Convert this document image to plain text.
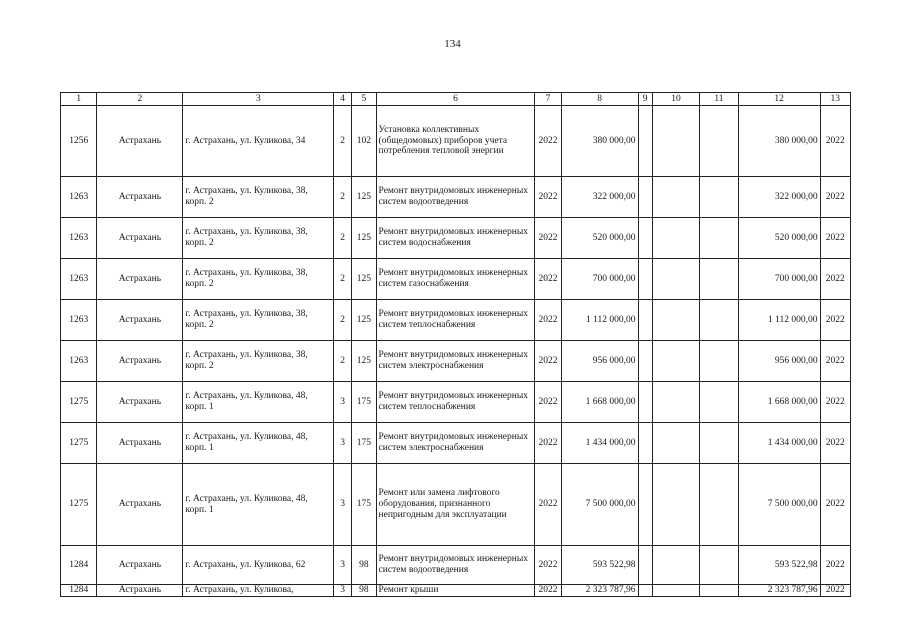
134
1	2	3	4	5	6	7	8	9	10	11	12	13
1256	Астрахань	г. Астрахань, ул. Куликова, 34	2	102	Установка коллективных (общедомовых) приборов учета потребления тепловой энергии	2022	380 000,00				380 000,00	2022
1263	Астрахань	г. Астрахань, ул. Куликова, 38, корп. 2	2	125	Ремонт внутридомовых инженерных систем водоотведения	2022	322 000,00				322 000,00	2022
1263	Астрахань	г. Астрахань, ул. Куликова, 38, корп. 2	2	125	Ремонт внутридомовых инженерных систем водоснабжения	2022	520 000,00				520 000,00	2022
1263	Астрахань	г. Астрахань, ул. Куликова, 38, корп. 2	2	125	Ремонт внутридомовых инженерных систем газоснабжения	2022	700 000,00				700 000,00	2022
1263	Астрахань	г. Астрахань, ул. Куликова, 38, корп. 2	2	125	Ремонт внутридомовых инженерных систем теплоснабжения	2022	1 112 000,00				1 112 000,00	2022
1263	Астрахань	г. Астрахань, ул. Куликова, 38, корп. 2	2	125	Ремонт внутридомовых инженерных систем электроснабжения	2022	956 000,00				956 000,00	2022
1275	Астрахань	г. Астрахань, ул. Куликова, 48, корп. 1	3	175	Ремонт внутридомовых инженерных систем теплоснабжения	2022	1 668 000,00				1 668 000,00	2022
1275	Астрахань	г. Астрахань, ул. Куликова, 48, корп. 1	3	175	Ремонт внутридомовых инженерных систем электроснабжения	2022	1 434 000,00				1 434 000,00	2022
1275	Астрахань	г. Астрахань, ул. Куликова, 48, корп. 1	3	175	Ремонт или замена лифтового оборудования, признанного непригодным для эксплуатации	2022	7 500 000,00				7 500 000,00	2022
1284	Астрахань	г. Астрахань, ул. Куликова, 62	3	98	Ремонт внутридомовых инженерных систем водоотведения	2022	593 522,98				593 522,98	2022
1284	Астрахань	г. Астрахань, ул. Куликова,	3	98	Ремонт крыши	2022	2 323 787,96				2 323 787,96	2022
